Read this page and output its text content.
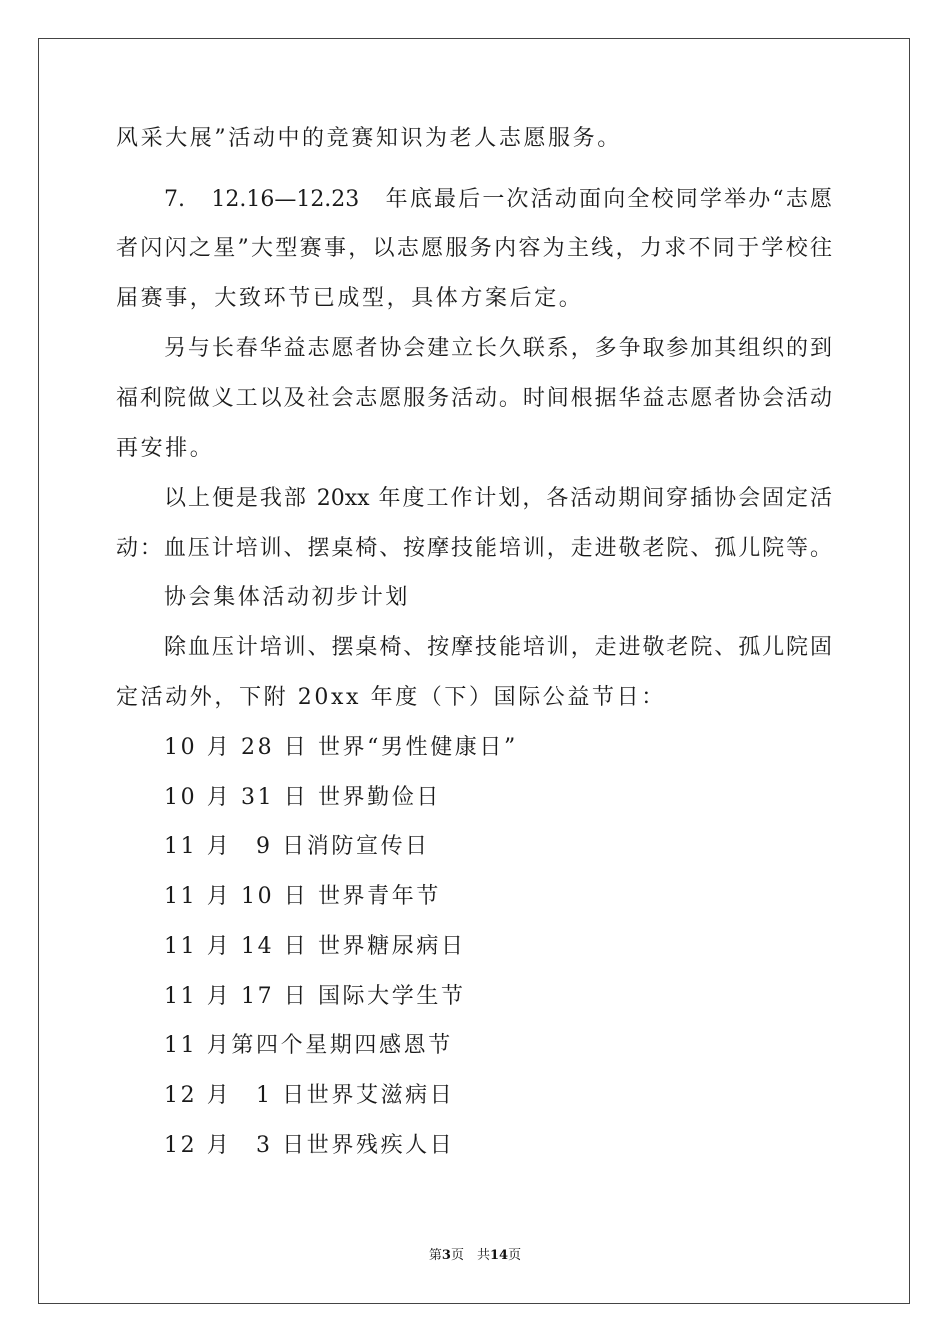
风采大展”活动中的竞赛知识为老人志愿服务。
7.　12.16—12.23　年底最后一次活动面向全校同学举办“志愿
者闪闪之星”大型赛事，以志愿服务内容为主线，力求不同于学校往
届赛事，大致环节已成型，具体方案后定。
另与长春华益志愿者协会建立长久联系，多争取参加其组织的到
福利院做义工以及社会志愿服务活动。时间根据华益志愿者协会活动
再安排。
以上便是我部 20xx 年度工作计划，各活动期间穿插协会固定活
动：血压计培训、摆桌椅、按摩技能培训，走进敬老院、孤儿院等。
协会集体活动初步计划
除血压计培训、摆桌椅、按摩技能培训，走进敬老院、孤儿院固
定活动外，下附 20xx 年度（下）国际公益节日：
10 月 28 日 世界“男性健康日”
10 月 31 日 世界勤俭日
11 月　9 日消防宣传日
11 月 10 日 世界青年节
11 月 14 日 世界糖尿病日
11 月 17 日 国际大学生节
11 月第四个星期四感恩节
12 月　1 日世界艾滋病日
12 月　3 日世界残疾人日
第3页  共14页
